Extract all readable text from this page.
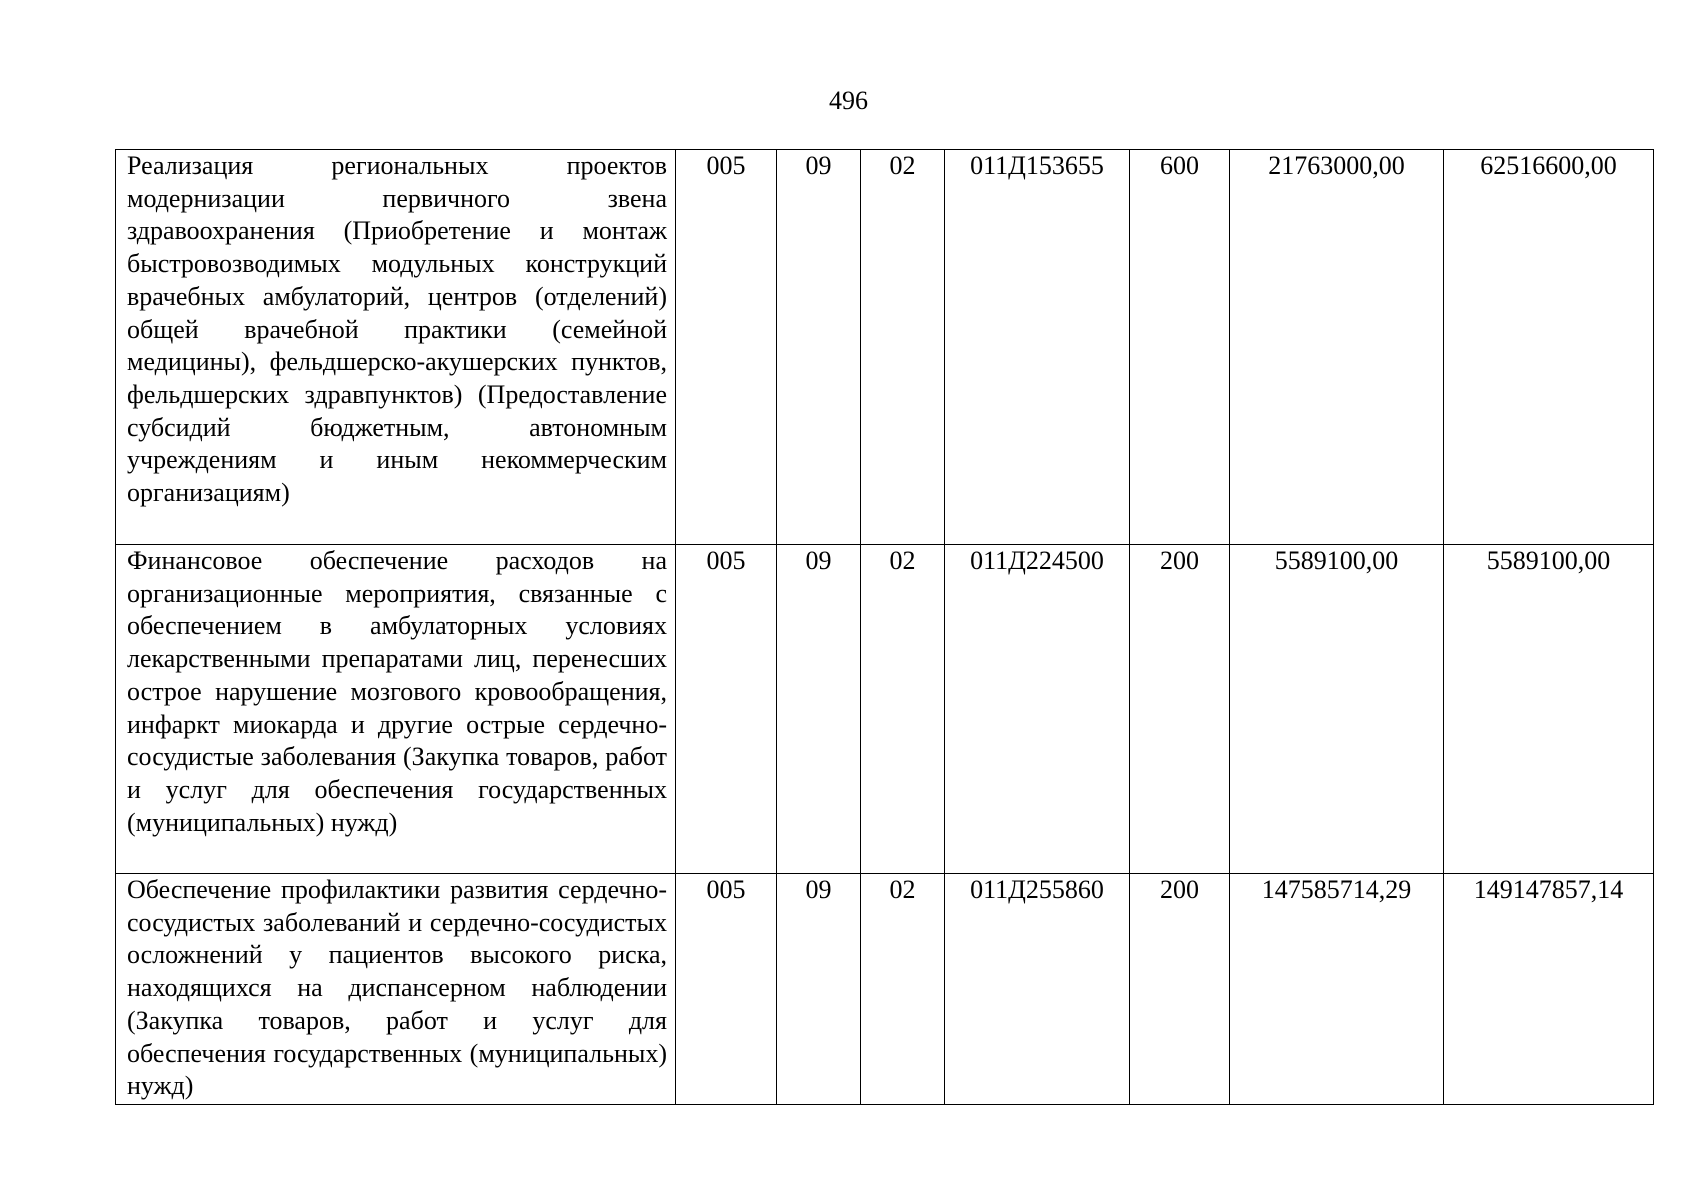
496
Реализация региональных проектов модернизации первичного звена здравоохранения (Приобретение и монтаж быстровозводимых модульных конструкций врачебных амбулаторий, центров (отделений) общей врачебной практики (семейной медицины), фельдшерско-акушерских пунктов, фельдшерских здравпунктов) (Предоставление субсидий бюджетным, автономным учреждениям и иным некоммерческим организациям)	005	09	02	011Д153655	600	21763000,00	62516600,00
Финансовое обеспечение расходов на организационные мероприятия, связанные с обеспечением в амбулаторных условиях лекарственными препаратами лиц, перенесших острое нарушение мозгового кровообращения, инфаркт миокарда и другие острые сердечно-сосудистые заболевания (Закупка товаров, работ и услуг для обеспечения государственных (муниципальных) нужд)	005	09	02	011Д224500	200	5589100,00	5589100,00
Обеспечение профилактики развития сердечно-сосудистых заболеваний и сердечно-сосудистых осложнений у пациентов высокого риска, находящихся на диспансерном наблюдении (Закупка товаров, работ и услуг для обеспечения государственных (муниципальных) нужд)	005	09	02	011Д255860	200	147585714,29	149147857,14
